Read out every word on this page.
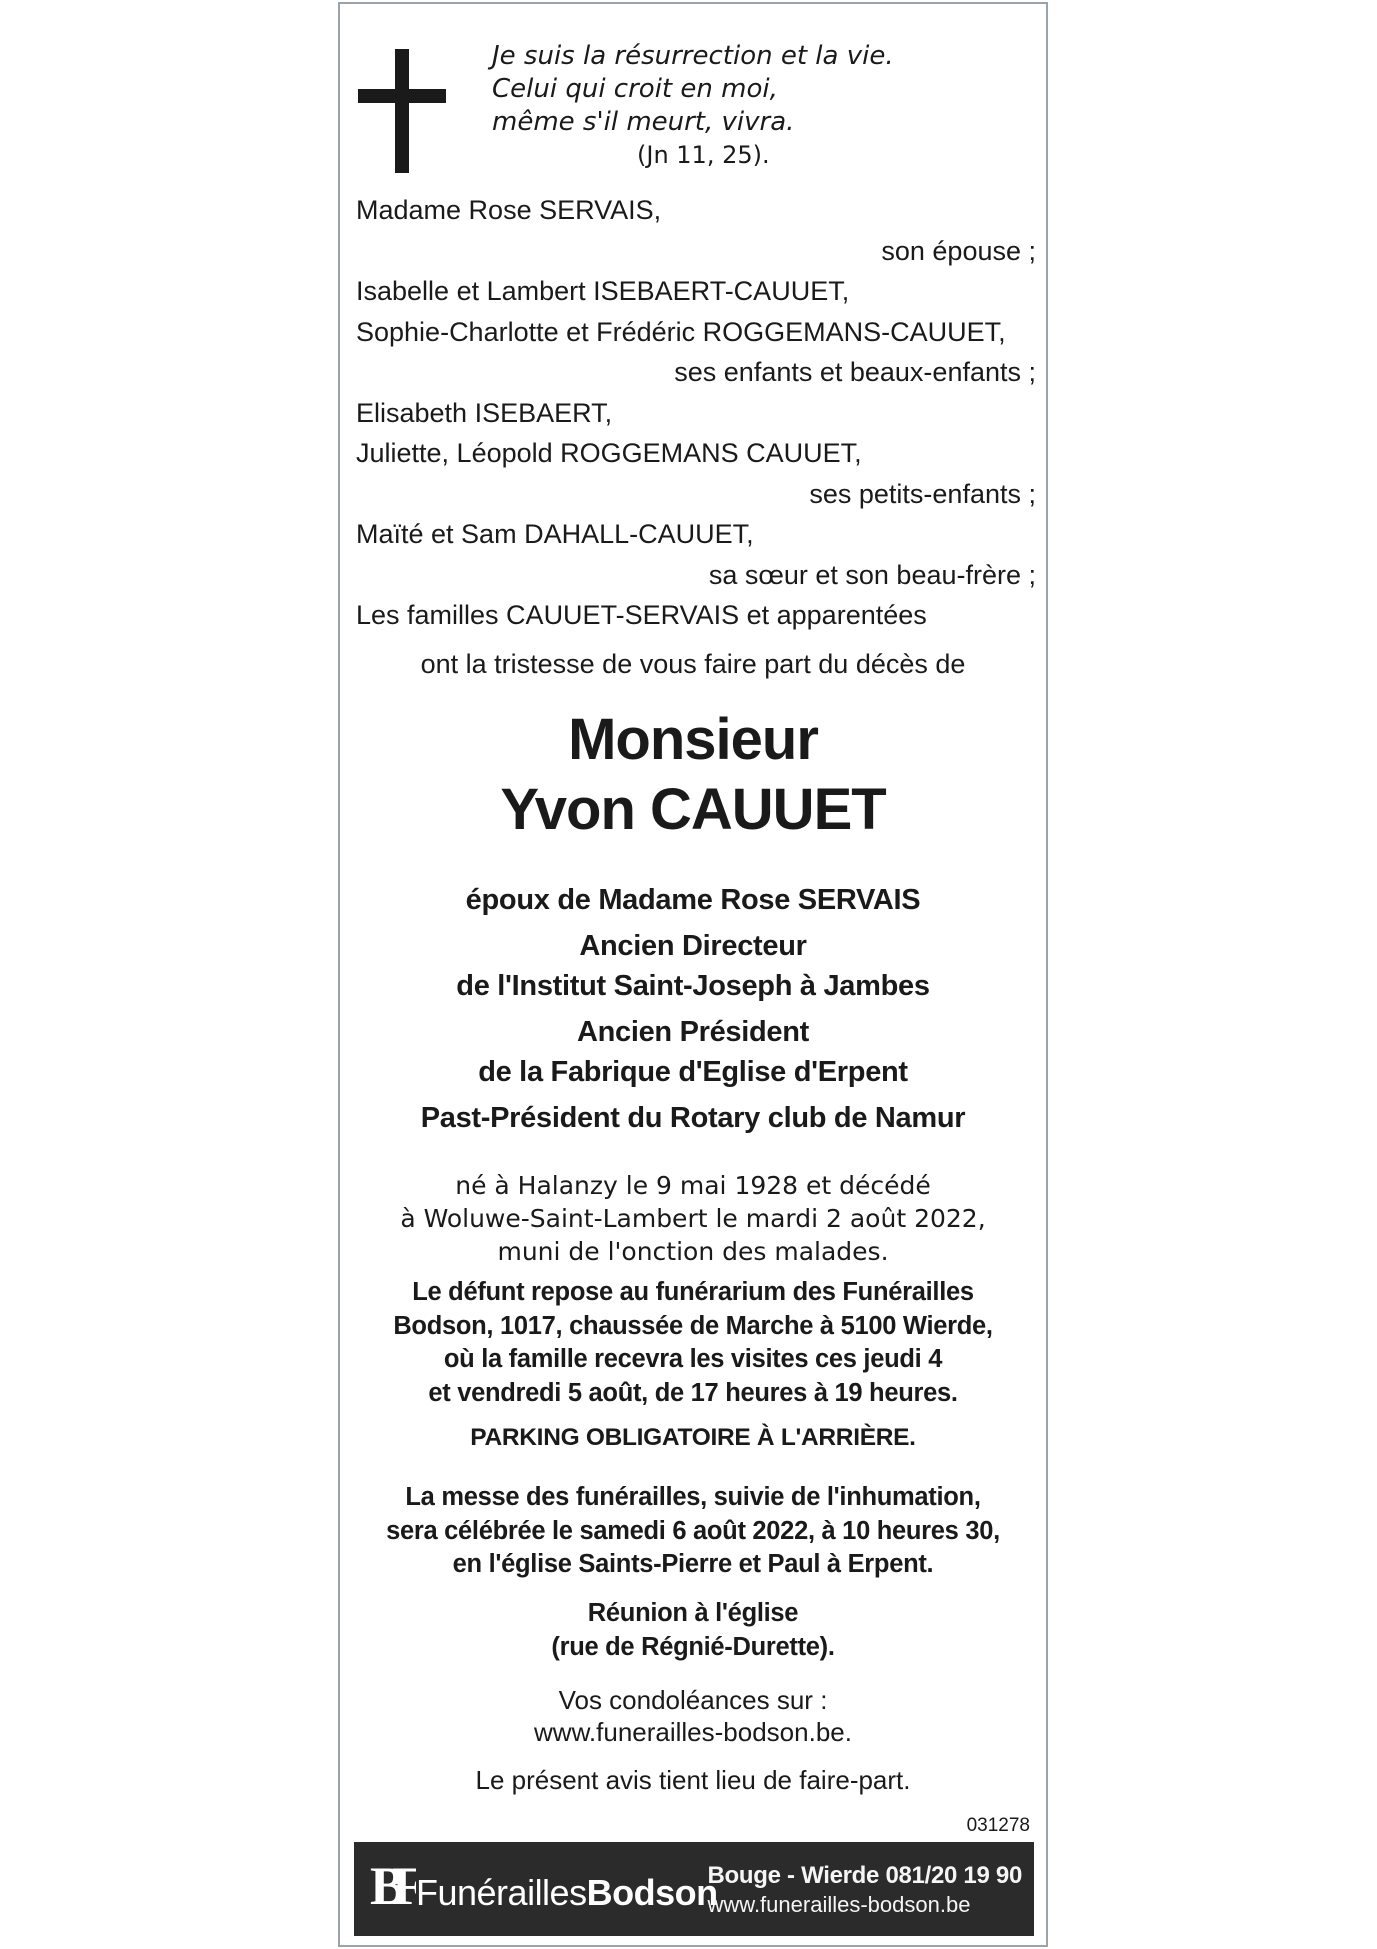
Je suis la résurrection et la vie.
Celui qui croit en moi,
même s'il meurt, vivra.
(Jn 11, 25).
Madame Rose SERVAIS,
son épouse ;
Isabelle et Lambert ISEBAERT-CAUUET,
Sophie-Charlotte et Frédéric ROGGEMANS-CAUUET,
ses enfants et beaux-enfants ;
Elisabeth ISEBAERT,
Juliette, Léopold ROGGEMANS CAUUET,
ses petits-enfants ;
Maïté et Sam DAHALL-CAUUET,
sa sœur et son beau-frère ;
Les familles CAUUET-SERVAIS et apparentées
ont la tristesse de vous faire part du décès de
Monsieur
Yvon CAUUET
époux de Madame Rose SERVAIS
Ancien Directeur
de l'Institut Saint-Joseph à Jambes
Ancien Président
de la Fabrique d'Eglise d'Erpent
Past-Président du Rotary club de Namur
né à Halanzy le 9 mai 1928 et décédé
à Woluwe-Saint-Lambert le mardi 2 août 2022,
muni de l'onction des malades.
Le défunt repose au funérarium des Funérailles
Bodson, 1017, chaussée de Marche à 5100 Wierde,
où la famille recevra les visites ces jeudi 4
et vendredi 5 août, de 17 heures à 19 heures.
PARKING OBLIGATOIRE À L'ARRIÈRE.
La messe des funérailles, suivie de l'inhumation,
sera célébrée le samedi 6 août 2022, à 10 heures 30,
en l'église Saints-Pierre et Paul à Erpent.
Réunion à l'église
(rue de Régnié-Durette).
Vos condoléances sur :
www.funerailles-bodson.be.
Le présent avis tient lieu de faire-part.
031278
BF FunéraillesBodson
Bouge - Wierde 081/20 19 90
www.funerailles-bodson.be
